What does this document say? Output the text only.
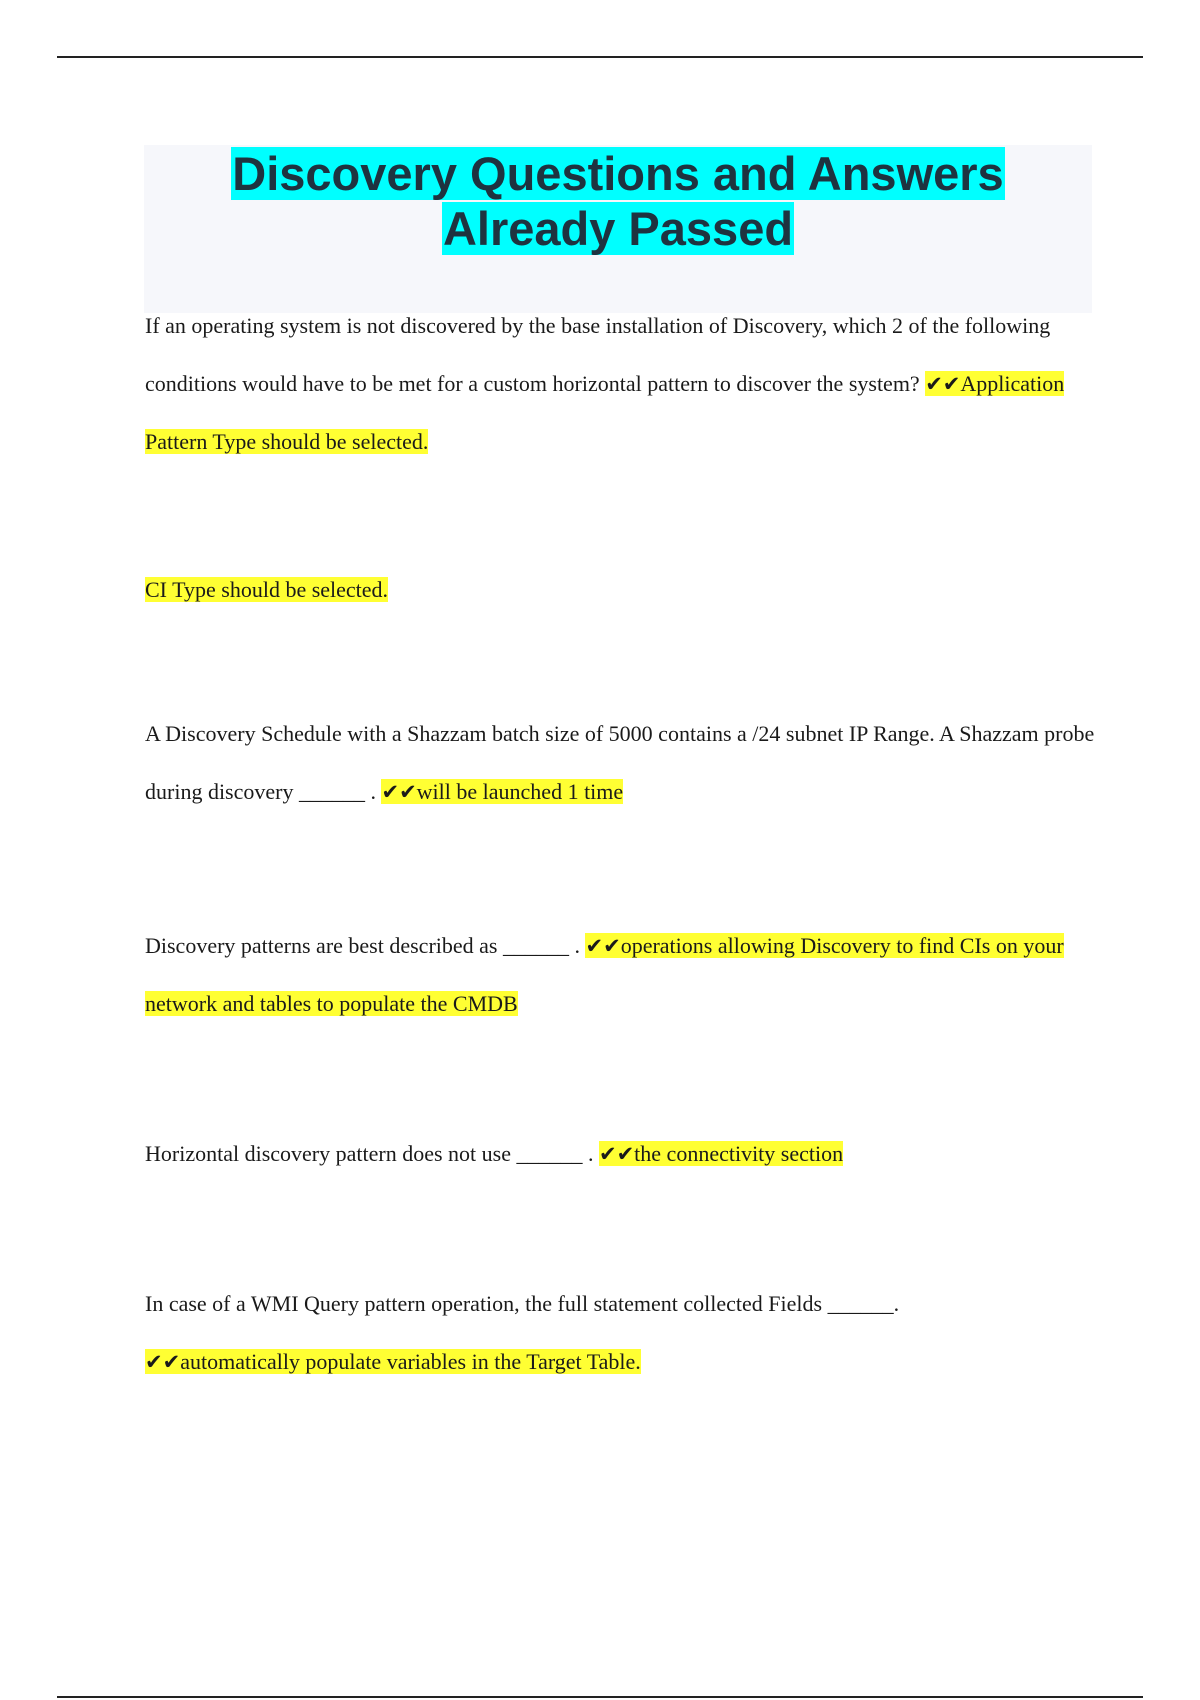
Discovery Questions and Answers
Already Passed

If an operating system is not discovered by the base installation of Discovery, which 2 of the following conditions would have to be met for a custom horizontal pattern to discover the system? ✔✔Application Pattern Type should be selected.

CI Type should be selected.

A Discovery Schedule with a Shazzam batch size of 5000 contains a /24 subnet IP Range. A Shazzam probe during discovery ______ . ✔✔will be launched 1 time

Discovery patterns are best described as ______ . ✔✔operations allowing Discovery to find CIs on your network and tables to populate the CMDB

Horizontal discovery pattern does not use ______ . ✔✔the connectivity section

In case of a WMI Query pattern operation, the full statement collected Fields ______.
✔✔automatically populate variables in the Target Table.
